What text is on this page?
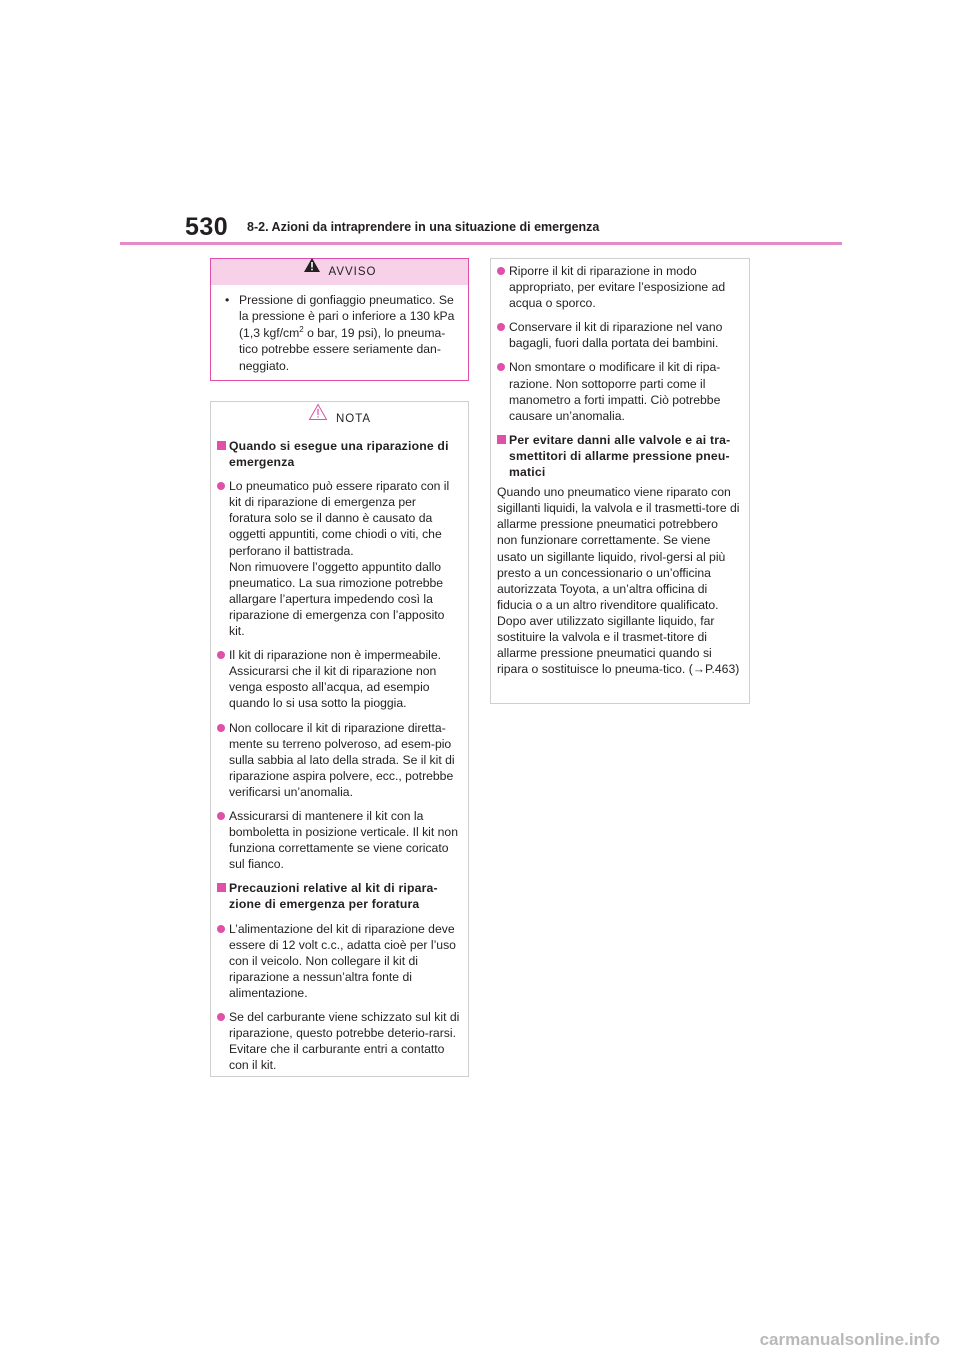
530 8-2. Azioni da intraprendere in una situazione di emergenza
AVVISO
• Pressione di gonfiaggio pneumatico. Se la pressione è pari o inferiore a 130 kPa (1,3 kgf/$cm^2$ o bar, 19 psi), lo pneuma-tico potrebbe essere seriamente dan-neggiato.
NOTA
Quando si esegue una riparazione di emergenza
Lo pneumatico può essere riparato con il kit di riparazione di emergenza per foratura solo se il danno è causato da oggetti appuntiti, come chiodi o viti, che perforano il battistrada.
Non rimuovere l’oggetto appuntito dallo pneumatico. La sua rimozione potrebbe allargare l’apertura impedendo così la riparazione di emergenza con l’apposito kit.
Il kit di riparazione non è impermeabile. Assicurarsi che il kit di riparazione non venga esposto all’acqua, ad esempio quando lo si usa sotto la pioggia.
Non collocare il kit di riparazione diretta-mente su terreno polveroso, ad esem-pio sulla sabbia al lato della strada. Se il kit di riparazione aspira polvere, ecc., potrebbe verificarsi un’anomalia.
Assicurarsi di mantenere il kit con la bomboletta in posizione verticale. Il kit non funziona correttamente se viene coricato sul fianco.
Precauzioni relative al kit di ripara-zione di emergenza per foratura
L’alimentazione del kit di riparazione deve essere di 12 volt c.c., adatta cioè per l’uso con il veicolo. Non collegare il kit di riparazione a nessun’altra fonte di alimentazione.
Se del carburante viene schizzato sul kit di riparazione, questo potrebbe deterio-rarsi. Evitare che il carburante entri a contatto con il kit.
Riporre il kit di riparazione in modo appropriato, per evitare l’esposizione ad acqua o sporco.
Conservare il kit di riparazione nel vano bagagli, fuori dalla portata dei bambini.
Non smontare o modificare il kit di ripa-razione. Non sottoporre parti come il manometro a forti impatti. Ciò potrebbe causare un’anomalia.
Per evitare danni alle valvole e ai tra-smettitori di allarme pressione pneu-matici
Quando uno pneumatico viene riparato con sigillanti liquidi, la valvola e il trasmetti-tore di allarme pressione pneumatici potrebbero non funzionare correttamente. Se viene usato un sigillante liquido, rivol-gersi al più presto a un concessionario o un’officina autorizzata Toyota, a un’altra officina di fiducia o a un altro rivenditore qualificato. Dopo aver utilizzato sigillante liquido, far sostituire la valvola e il trasmet-titore di allarme pressione pneumatici quando si ripara o sostituisce lo pneuma-tico. (→P.463)
carmanualsonline.info
